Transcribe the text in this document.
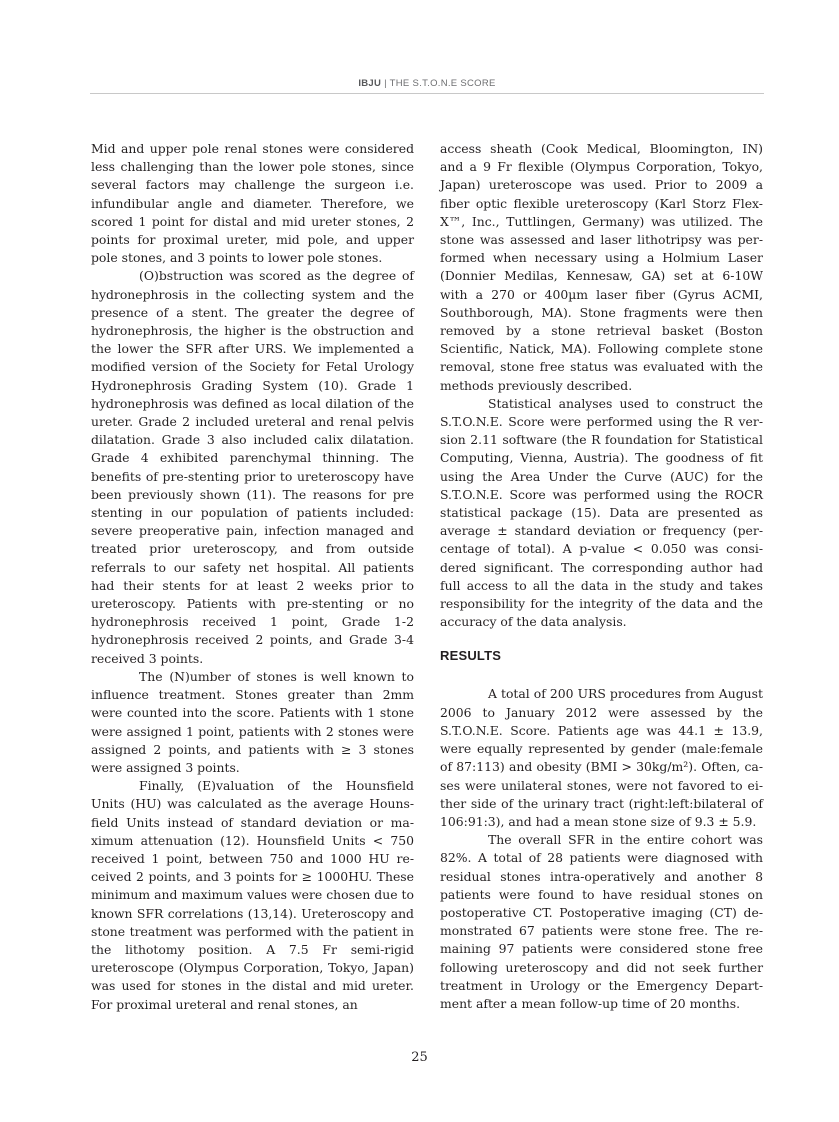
IBJU | THE S.T.O.N.E SCORE

Mid and upper pole renal stones were considered less challenging than the lower pole stones, since several factors may challenge the surgeon i.e. infundibular angle and diameter. Therefore, we scored 1 point for distal and mid ureter stones, 2 points for proximal ureter, mid pole, and upper pole stones, and 3 points to lower pole stones.

(O)bstruction was scored as the degree of hydronephrosis in the collecting system and the presence of a stent. The greater the degree of hydronephrosis, the higher is the obstruction and the lower the SFR after URS. We implemented a modified version of the Society for Fetal Urology Hydronephrosis Grading System (10). Grade 1 hydronephrosis was defined as local dilation of the ureter. Grade 2 included ureteral and renal pelvis dilatation. Grade 3 also included calix dilatation. Grade 4 exhibited parenchymal thinning. The benefits of pre-stenting prior to ureteroscopy have been previously shown (11). The reasons for pre stenting in our population of patients included: severe preoperative pain, infection managed and treated prior ureteroscopy, and from outside referrals to our safety net hospital. All patients had their stents for at least 2 weeks prior to ureteroscopy. Patients with pre-stenting or no hydronephrosis received 1 point, Grade 1-2 hydronephrosis received 2 points, and Grade 3-4 received 3 points.

The (N)umber of stones is well known to influence treatment. Stones greater than 2mm were counted into the score. Patients with 1 stone were assigned 1 point, patients with 2 stones were assigned 2 points, and patients with ≥ 3 stones were assigned 3 points.

Finally, (E)valuation of the Hounsfield Units (HU) was calculated as the average Hounsfield Units instead of standard deviation or maximum attenuation (12). Hounsfield Units < 750 received 1 point, between 750 and 1000 HU received 2 points, and 3 points for ≥ 1000HU. These minimum and maximum values were chosen due to known SFR correlations (13,14). Ureteroscopy and stone treatment was performed with the patient in the lithotomy position. A 7.5 Fr semi-rigid ureteroscope (Olympus Corporation, Tokyo, Japan) was used for stones in the distal and mid ureter. For proximal ureteral and renal stones, an

access sheath (Cook Medical, Bloomington, IN) and a 9 Fr flexible (Olympus Corporation, Tokyo, Japan) ureteroscope was used. Prior to 2009 a fiber optic flexible ureteroscopy (Karl Storz Flex-X™, Inc., Tuttlingen, Germany) was utilized. The stone was assessed and laser lithotripsy was performed when necessary using a Holmium Laser (Donnier Medilas, Kennesaw, GA) set at 6-10W with a 270 or 400µm laser fiber (Gyrus ACMI, Southborough, MA). Stone fragments were then removed by a stone retrieval basket (Boston Scientific, Natick, MA). Following complete stone removal, stone free status was evaluated with the methods previously described.

Statistical analyses used to construct the S.T.O.N.E. Score were performed using the R version 2.11 software (the R foundation for Statistical Computing, Vienna, Austria). The goodness of fit using the Area Under the Curve (AUC) for the S.T.O.N.E. Score was performed using the ROCR statistical package (15). Data are presented as average ± standard deviation or frequency (percentage of total). A p-value < 0.050 was considered significant. The corresponding author had full access to all the data in the study and takes responsibility for the integrity of the data and the accuracy of the data analysis.

RESULTS

A total of 200 URS procedures from August 2006 to January 2012 were assessed by the S.T.O.N.E. Score. Patients age was 44.1 ± 13.9, were equally represented by gender (male:female of 87:113) and obesity (BMI > 30kg/m²). Often, cases were unilateral stones, were not favored to either side of the urinary tract (right:left:bilateral of 106:91:3), and had a mean stone size of 9.3 ± 5.9.

The overall SFR in the entire cohort was 82%. A total of 28 patients were diagnosed with residual stones intra-operatively and another 8 patients were found to have residual stones on postoperative CT. Postoperative imaging (CT) demonstrated 67 patients were stone free. The remaining 97 patients were considered stone free following ureteroscopy and did not seek further treatment in Urology or the Emergency Department after a mean follow-up time of 20 months.

25
